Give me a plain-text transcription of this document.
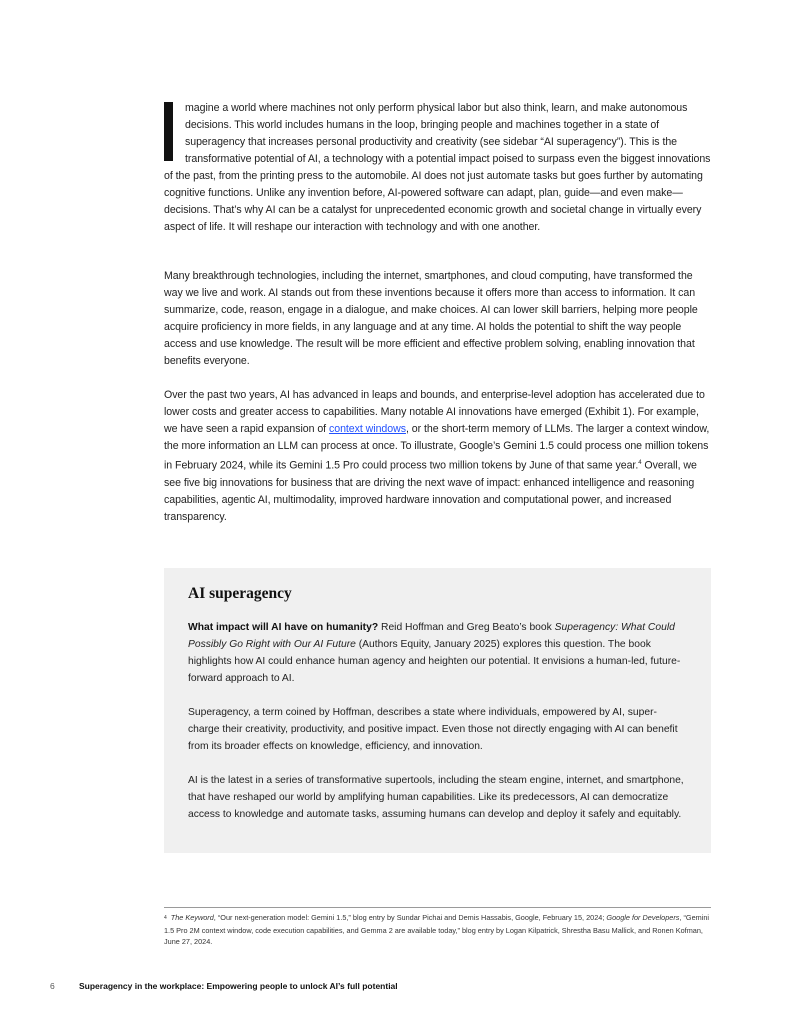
magine a world where machines not only perform physical labor but also think, learn, and make autonomous decisions. This world includes humans in the loop, bringing people and machines together in a state of superagency that increases personal productivity and creativity (see sidebar “AI superagency”). This is the transformative potential of AI, a technology with a potential impact poised to surpass even the biggest innovations of the past, from the printing press to the automobile. AI does not just automate tasks but goes further by automating cognitive functions. Unlike any invention before, AI-powered software can adapt, plan, guide—and even make—decisions. That’s why AI can be a catalyst for unprecedented economic growth and societal change in virtually every aspect of life. It will reshape our interaction with technology and with one another.

Many breakthrough technologies, including the internet, smartphones, and cloud computing, have transformed the way we live and work. AI stands out from these inventions because it offers more than access to information. It can summarize, code, reason, engage in a dialogue, and make choices. AI can lower skill barriers, helping more people acquire proficiency in more fields, in any language and at any time. AI holds the potential to shift the way people access and use knowledge. The result will be more efficient and effective problem solving, enabling innovation that benefits everyone.

Over the past two years, AI has advanced in leaps and bounds, and enterprise-level adoption has accelerated due to lower costs and greater access to capabilities. Many notable AI innovations have emerged (Exhibit 1). For example, we have seen a rapid expansion of context windows, or the short-term memory of LLMs. The larger a context window, the more information an LLM can process at once. To illustrate, Google’s Gemini 1.5 could process one million tokens in February 2024, while its Gemini 1.5 Pro could process two million tokens by June of that same year.$^4$ Overall, we see five big innovations for business that are driving the next wave of impact: enhanced intelligence and reasoning capabilities, agentic AI, multimodality, improved hardware innovation and computational power, and increased transparency.

AI superagency

What impact will AI have on humanity? Reid Hoffman and Greg Beato’s book Superagency: What Could Possibly Go Right with Our AI Future (Authors Equity, January 2025) explores this question. The book highlights how AI could enhance human agency and heighten our potential. It envisions a human-led, future-forward approach to AI.

Superagency, a term coined by Hoffman, describes a state where individuals, empowered by AI, super-charge their creativity, productivity, and positive impact. Even those not directly engaging with AI can benefit from its broader effects on knowledge, efficiency, and innovation.

AI is the latest in a series of transformative supertools, including the steam engine, internet, and smartphone, that have reshaped our world by amplifying human capabilities. Like its predecessors, AI can democratize access to knowledge and automate tasks, assuming humans can develop and deploy it safely and equitably.

$^4$ The Keyword, “Our next-generation model: Gemini 1.5,” blog entry by Sundar Pichai and Demis Hassabis, Google, February 15, 2024; Google for Developers, “Gemini 1.5 Pro 2M context window, code execution capabilities, and Gemma 2 are available today,” blog entry by Logan Kilpatrick, Shrestha Basu Mallick, and Ronen Kofman, June 27, 2024.
6	Superagency in the workplace: Empowering people to unlock AI’s full potential
